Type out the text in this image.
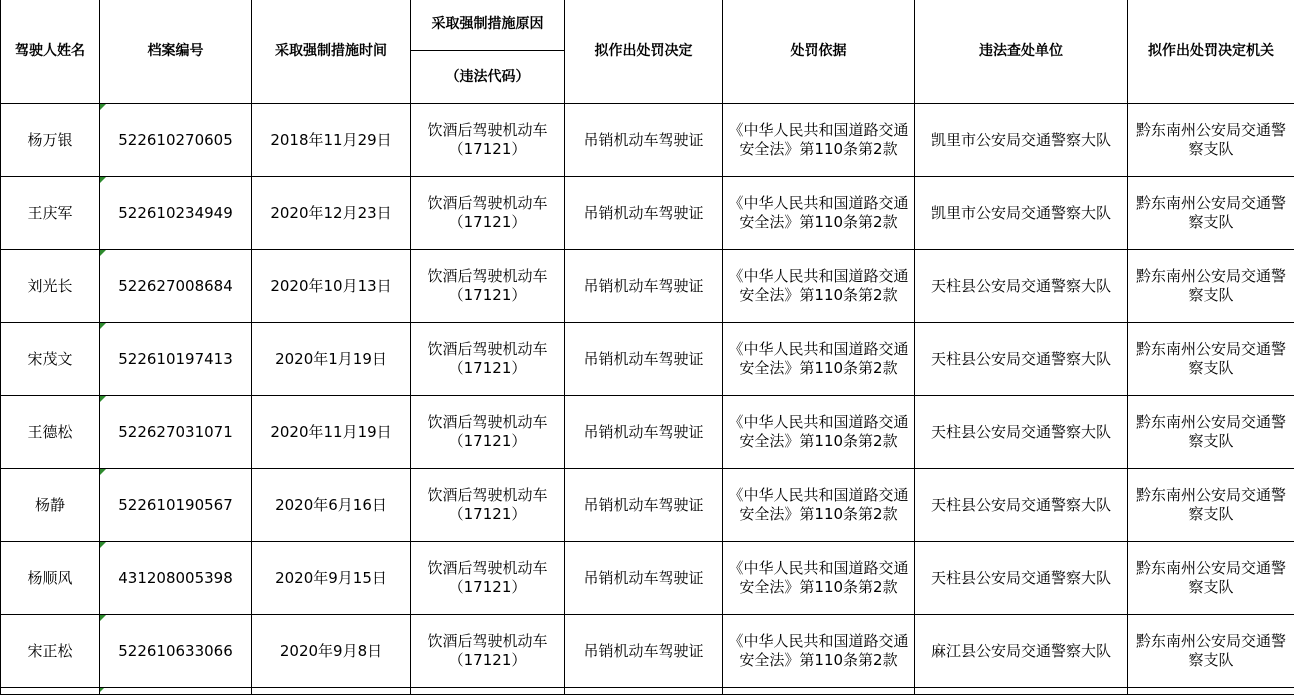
驾驶人姓名	档案编号	采取强制措施时间	采取强制措施原因	拟作出处罚决定	处罚依据	违法查处单位	拟作出处罚决定机关
			（违法代码）				
杨万银	522610270605	2018年11月29日	饮酒后驾驶机动车（17121）	吊销机动车驾驶证	《中华人民共和国道路交通安全法》第110条第2款	凯里市公安局交通警察大队	黔东南州公安局交通警察支队
王庆军	522610234949	2020年12月23日	饮酒后驾驶机动车（17121）	吊销机动车驾驶证	《中华人民共和国道路交通安全法》第110条第2款	凯里市公安局交通警察大队	黔东南州公安局交通警察支队
刘光长	522627008684	2020年10月13日	饮酒后驾驶机动车（17121）	吊销机动车驾驶证	《中华人民共和国道路交通安全法》第110条第2款	天柱县公安局交通警察大队	黔东南州公安局交通警察支队
宋茂文	522610197413	2020年1月19日	饮酒后驾驶机动车（17121）	吊销机动车驾驶证	《中华人民共和国道路交通安全法》第110条第2款	天柱县公安局交通警察大队	黔东南州公安局交通警察支队
王德松	522627031071	2020年11月19日	饮酒后驾驶机动车（17121）	吊销机动车驾驶证	《中华人民共和国道路交通安全法》第110条第2款	天柱县公安局交通警察大队	黔东南州公安局交通警察支队
杨静	522610190567	2020年6月16日	饮酒后驾驶机动车（17121）	吊销机动车驾驶证	《中华人民共和国道路交通安全法》第110条第2款	天柱县公安局交通警察大队	黔东南州公安局交通警察支队
杨顺风	431208005398	2020年9月15日	饮酒后驾驶机动车（17121）	吊销机动车驾驶证	《中华人民共和国道路交通安全法》第110条第2款	天柱县公安局交通警察大队	黔东南州公安局交通警察支队
宋正松	522610633066	2020年9月8日	饮酒后驾驶机动车（17121）	吊销机动车驾驶证	《中华人民共和国道路交通安全法》第110条第2款	麻江县公安局交通警察大队	黔东南州公安局交通警察支队
